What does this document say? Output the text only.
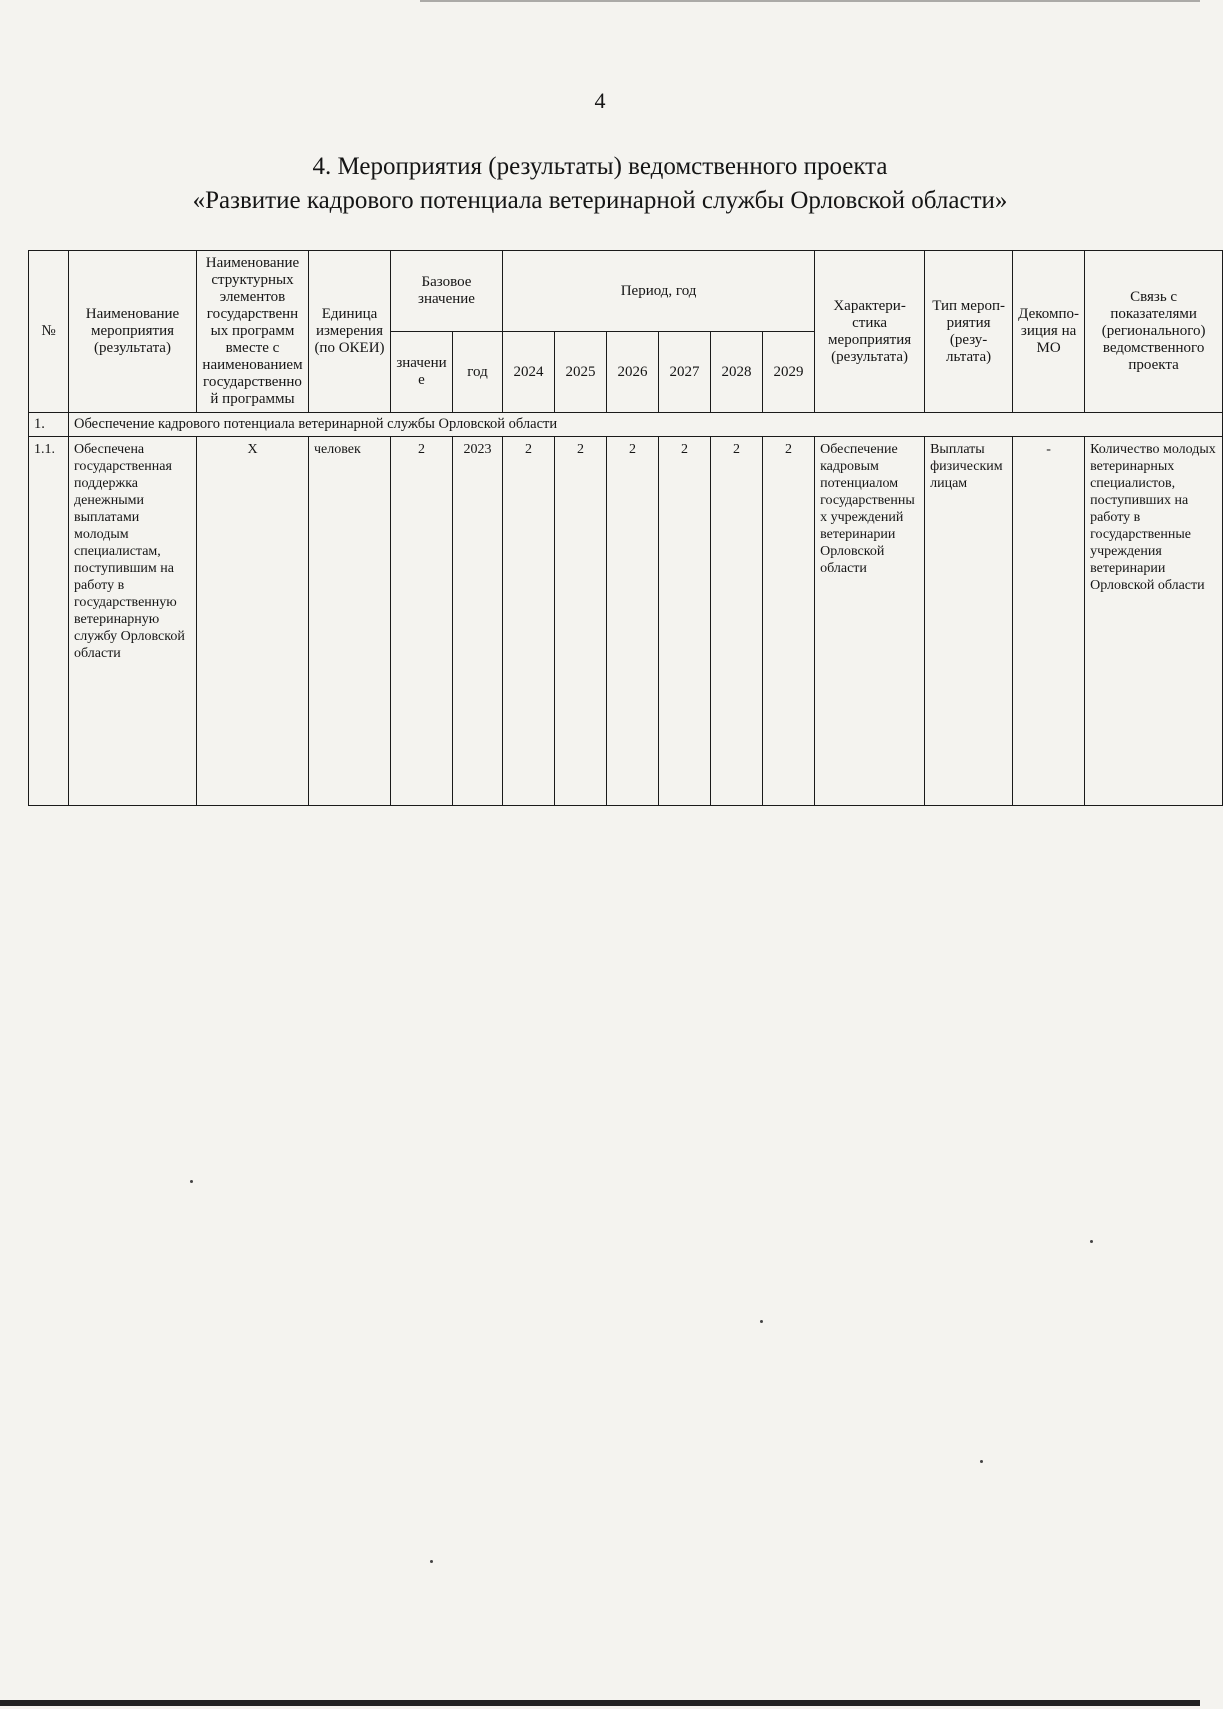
4
4. Мероприятия (результаты) ведомственного проекта
«Развитие кадрового потенциала ветеринарной службы Орловской области»
№	Наименование мероприятия (результата)	Наименование структурных элементов государственных программ вместе с наименованием государственной программы	Единица измерения (по ОКЕИ)	Базовое значение		Период, год						Характери-стика мероприятия (результата)	Тип мероп-риятия (резу-льтата)	Декомпо-зиция на МО	Связь с показателями (регионального) ведомственного проекта
				значение	год	2024	2025	2026	2027	2028	2029				
1.	Обеспечение кадрового потенциала ветеринарной службы Орловской области														
1.1.	Обеспечена государственная поддержка денежными выплатами молодым специалистам, поступившим на работу в государственную ветеринарную службу Орловской области	X	человек	2	2023	2	2	2	2	2	2	Обеспечение кадровым потенциалом государственных учреждений ветеринарии Орловской области	Выплаты физическим лицам	-	Количество молодых ветеринарных специалистов, поступивших на работу в государственные учреждения ветеринарии Орловской области
